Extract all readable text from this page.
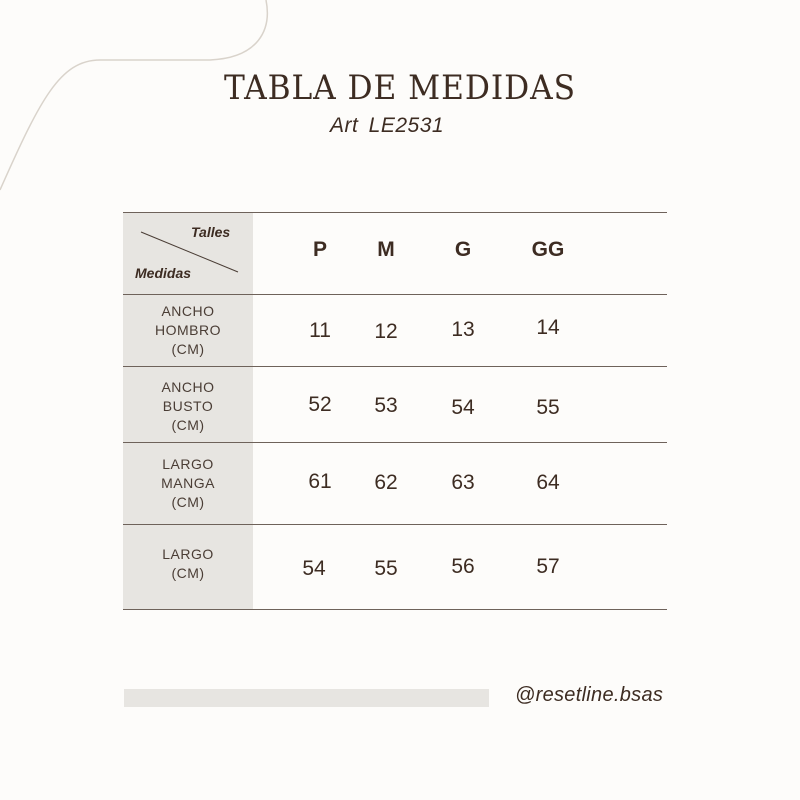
TABLA DE MEDIDAS
Art LE2531
Talles
Medidas
P M	G	GG
ANCHO
HOMBRO
(CM)
11 12	13	14
ANCHO
BUSTO
(CM)
52 53	54	55
LARGO
MANGA
(CM)
61 62	63	64
LARGO
(CM)	54 55	56	57
@resetline.bsas
